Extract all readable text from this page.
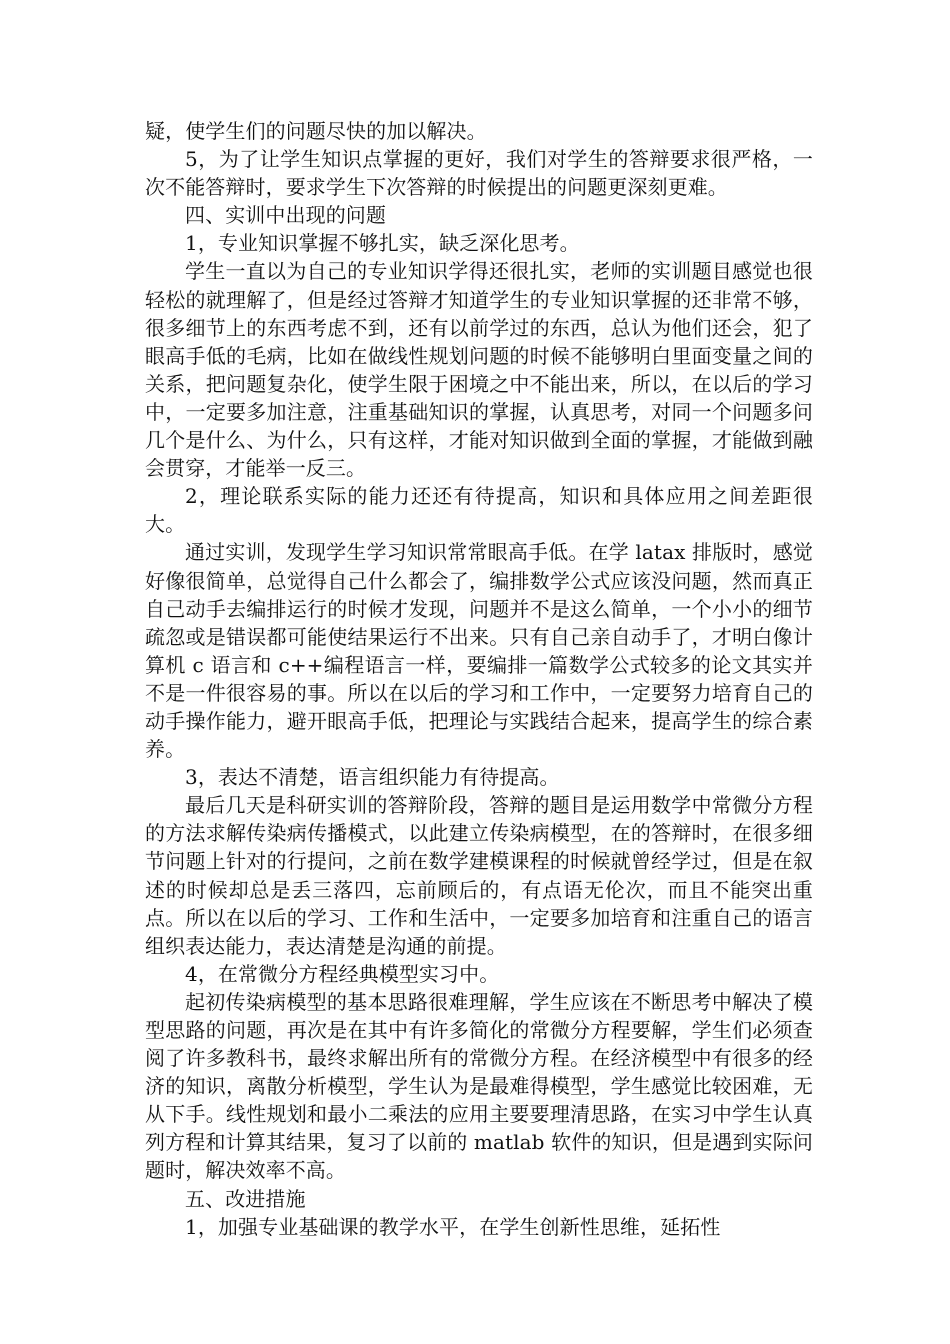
疑，使学生们的问题尽快的加以解决。

5，为了让学生知识点掌握的更好，我们对学生的答辩要求很严格，一次不能答辩时，要求学生下次答辩的时候提出的问题更深刻更难。

四、实训中出现的问题

1，专业知识掌握不够扎实，缺乏深化思考。

学生一直以为自己的专业知识学得还很扎实，老师的实训题目感觉也很轻松的就理解了，但是经过答辩才知道学生的专业知识掌握的还非常不够，很多细节上的东西考虑不到，还有以前学过的东西，总认为他们还会，犯了眼高手低的毛病，比如在做线性规划问题的时候不能够明白里面变量之间的关系，把问题复杂化，使学生限于困境之中不能出来，所以，在以后的学习中，一定要多加注意，注重基础知识的掌握，认真思考，对同一个问题多问几个是什么、为什么，只有这样，才能对知识做到全面的掌握，才能做到融会贯穿，才能举一反三。

2，理论联系实际的能力还还有待提高，知识和具体应用之间差距很大。

通过实训，发现学生学习知识常常眼高手低。在学 latax 排版时，感觉好像很简单，总觉得自己什么都会了，编排数学公式应该没问题，然而真正自己动手去编排运行的时候才发现，问题并不是这么简单，一个小小的细节疏忽或是错误都可能使结果运行不出来。只有自己亲自动手了，才明白像计算机 c 语言和 c++编程语言一样，要编排一篇数学公式较多的论文其实并不是一件很容易的事。所以在以后的学习和工作中，一定要努力培育自己的动手操作能力，避开眼高手低，把理论与实践结合起来，提高学生的综合素养。

3，表达不清楚，语言组织能力有待提高。

最后几天是科研实训的答辩阶段，答辩的题目是运用数学中常微分方程的方法求解传染病传播模式，以此建立传染病模型，在的答辩时，在很多细节问题上针对的行提问，之前在数学建模课程的时候就曾经学过，但是在叙述的时候却总是丢三落四，忘前顾后的，有点语无伦次，而且不能突出重点。所以在以后的学习、工作和生活中，一定要多加培育和注重自己的语言组织表达能力，表达清楚是沟通的前提。

4，在常微分方程经典模型实习中。

起初传染病模型的基本思路很难理解，学生应该在不断思考中解决了模型思路的问题，再次是在其中有许多简化的常微分方程要解，学生们必须查阅了许多教科书，最终求解出所有的常微分方程。在经济模型中有很多的经济的知识，离散分析模型，学生认为是最难得模型，学生感觉比较困难，无从下手。线性规划和最小二乘法的应用主要要理清思路，在实习中学生认真列方程和计算其结果，复习了以前的 matlab 软件的知识，但是遇到实际问题时，解决效率不高。

五、改进措施

1，加强专业基础课的教学水平，在学生创新性思维，延拓性
